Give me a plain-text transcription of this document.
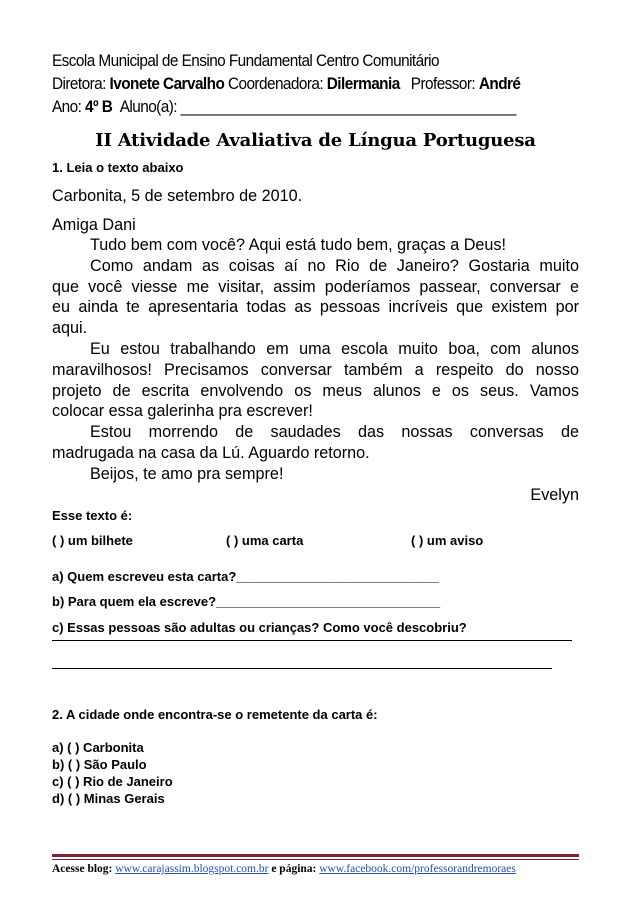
Escola Municipal de Ensino Fundamental Centro Comunitário
Diretora: Ivonete Carvalho Coordenadora: Dilermania Professor: André
Ano: 4º B Aluno(a): __________________________________________
II Atividade Avaliativa de Língua Portuguesa
1. Leia o texto abaixo
Carbonita, 5 de setembro de 2010.
Amiga Dani
Tudo bem com você? Aqui está tudo bem, graças a Deus!
Como andam as coisas aí no Rio de Janeiro? Gostaria muito
que você viesse me visitar, assim poderíamos passear, conversar e
eu ainda te apresentaria todas as pessoas incríveis que existem por
aqui.
Eu estou trabalhando em uma escola muito boa, com alunos
maravilhosos! Precisamos conversar também a respeito do nosso
projeto de escrita envolvendo os meus alunos e os seus. Vamos
colocar essa galerinha pra escrever!
Estou morrendo de saudades das nossas conversas de
madrugada na casa da Lú. Aguardo retorno.
Beijos, te amo pra sempre!
Evelyn
Esse texto é:
( ) um bilhete	( ) uma carta	( ) um aviso
a) Quem escreveu esta carta?____________________________
b) Para quem ela escreve?_______________________________
c) Essas pessoas são adultas ou crianças? Como você descobriu?
2. A cidade onde encontra-se o remetente da carta é:
a) ( ) Carbonita
b) ( ) São Paulo
c) ( ) Rio de Janeiro
d) ( ) Minas Gerais
Acesse blog: www.carajassim.blogspot.com.br e página: www.facebook.com/professorandremoraes
